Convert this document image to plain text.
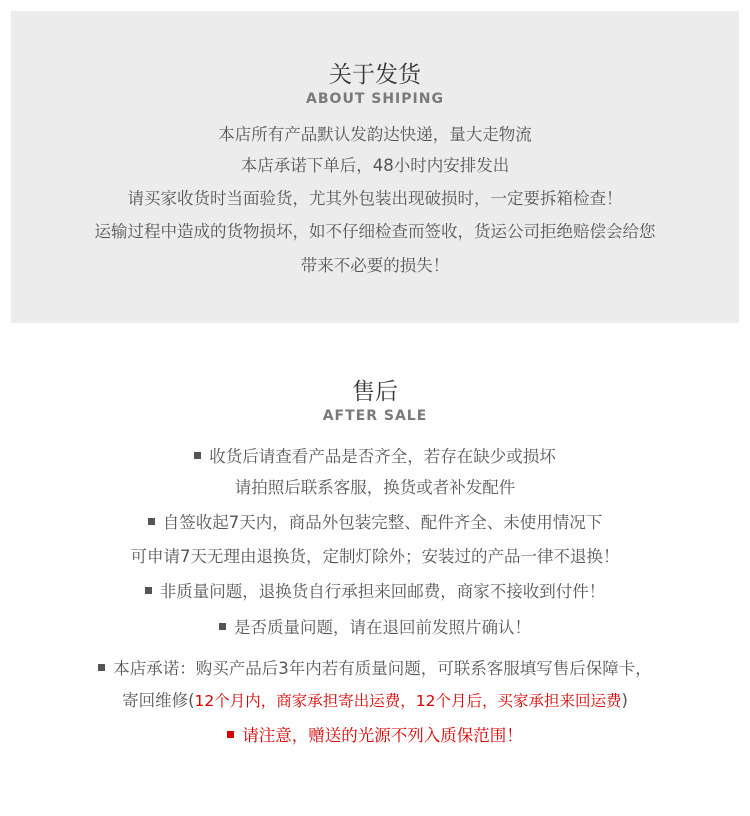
关于发货
ABOUT SHIPING
本店所有产品默认发韵达快递，量大走物流
本店承诺下单后，48小时内安排发出
请买家收货时当面验货，尤其外包装出现破损时，一定要拆箱检查！
运输过程中造成的货物损坏，如不仔细检查而签收，货运公司拒绝赔偿会给您
带来不必要的损失！
售后
AFTER SALE
收货后请查看产品是否齐全，若存在缺少或损坏
请拍照后联系客服，换货或者补发配件
自签收起7天内，商品外包装完整、配件齐全、未使用情况下
可申请7天无理由退换货，定制灯除外；安装过的产品一律不退换！
非质量问题，退换货自行承担来回邮费，商家不接收到付件！
是否质量问题，请在退回前发照片确认！
本店承诺：购买产品后3年内若有质量问题，可联系客服填写售后保障卡，
寄回维修(12个月内，商家承担寄出运费，12个月后，买家承担来回运费)
请注意，赠送的光源不列入质保范围！
